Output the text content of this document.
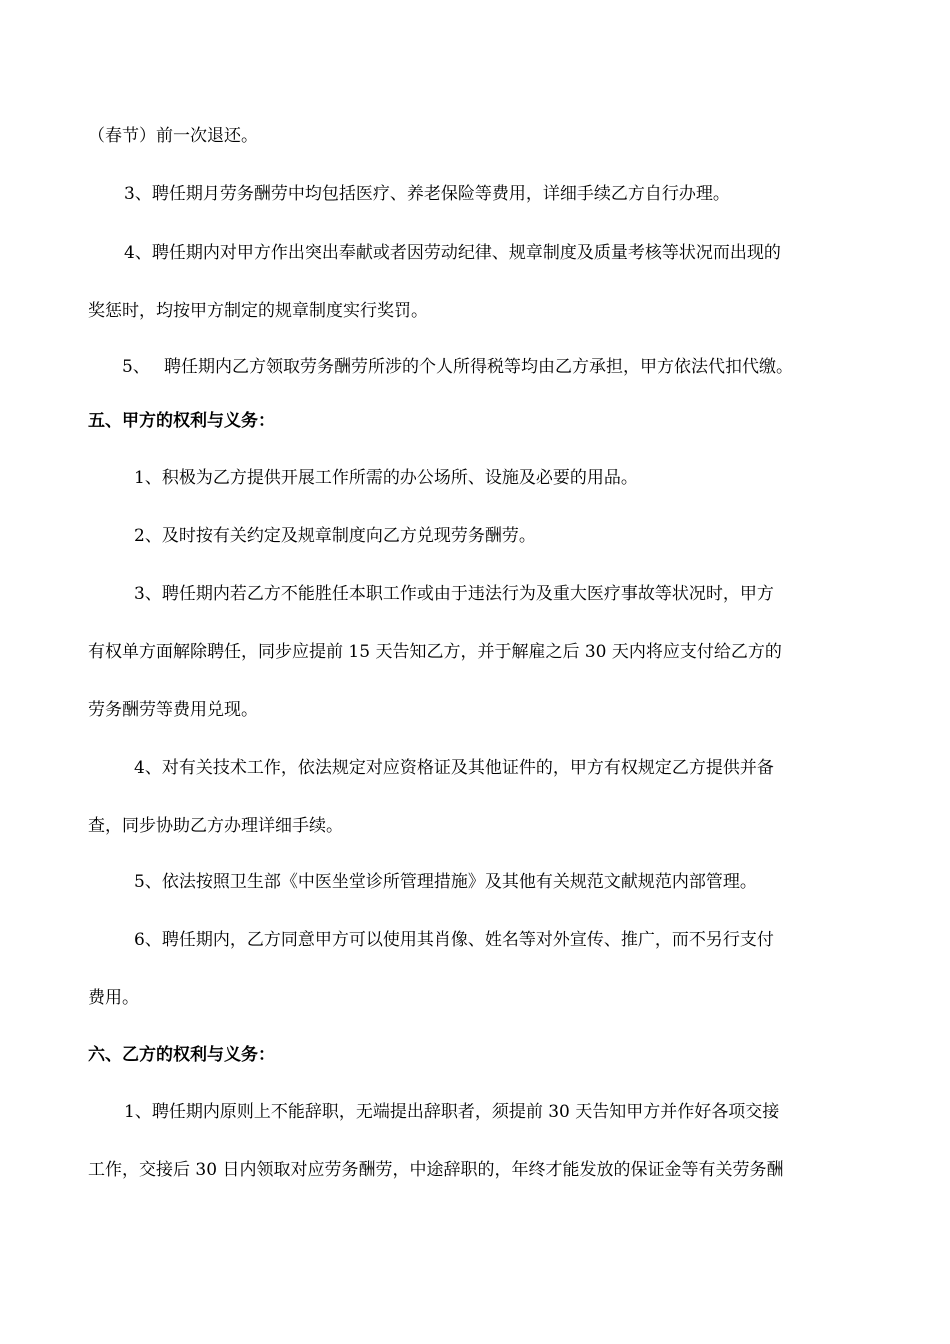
（春节）前一次退还。
3、聘任期月劳务酬劳中均包括医疗、养老保险等费用，详细手续乙方自行办理。
4、聘任期内对甲方作出突出奉献或者因劳动纪律、规章制度及质量考核等状况而出现的
奖惩时，均按甲方制定的规章制度实行奖罚。
5、 聘任期内乙方领取劳务酬劳所涉的个人所得税等均由乙方承担，甲方依法代扣代缴。
五、甲方的权利与义务：
1、积极为乙方提供开展工作所需的办公场所、设施及必要的用品。
2、及时按有关约定及规章制度向乙方兑现劳务酬劳。
3、聘任期内若乙方不能胜任本职工作或由于违法行为及重大医疗事故等状况时，甲方
有权单方面解除聘任，同步应提前 15 天告知乙方，并于解雇之后 30 天内将应支付给乙方的
劳务酬劳等费用兑现。
4、对有关技术工作，依法规定对应资格证及其他证件的，甲方有权规定乙方提供并备
查，同步协助乙方办理详细手续。
5、依法按照卫生部《中医坐堂诊所管理措施》及其他有关规范文献规范内部管理。
6、聘任期内，乙方同意甲方可以使用其肖像、姓名等对外宣传、推广，而不另行支付
费用。
六、乙方的权利与义务：
1、聘任期内原则上不能辞职，无端提出辞职者，须提前 30 天告知甲方并作好各项交接
工作，交接后 30 日内领取对应劳务酬劳，中途辞职的，年终才能发放的保证金等有关劳务酬
